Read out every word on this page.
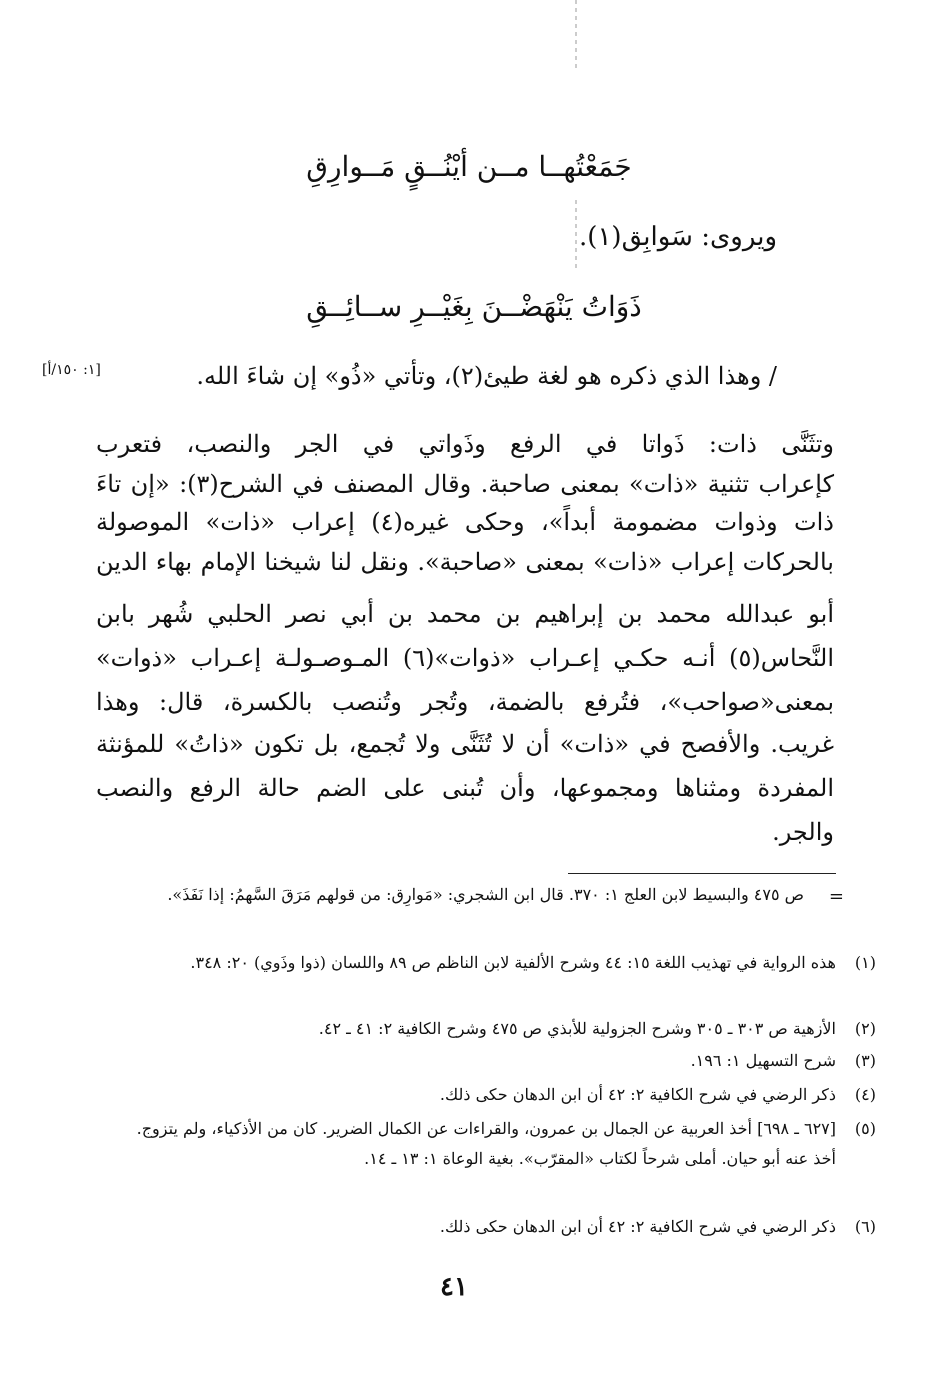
جَمَعْتُهــا مــن أيْنُــقٍ مَــوارِقِ
ويروى: سَوابِق(١).
ذَوَاتُ يَنْهَضْــنَ بِغَيْــرِ ســائِــقِ
[١: ١٥٠/أ]	/ وهذا الذي ذكره هو لغة طيئ(٢)، وتأتي «ذُو» إن شاءَ الله.
وتثَنَّى ذات: ذَواتا في الرفع وذَواتي في الجر والنصب، فتعرب
كإعراب تثنية «ذات» بمعنى صاحبة. وقال المصنف في الشرح(٣): «إن تاءَ
ذات وذوات مضمومة أبداً»، وحكى غيره(٤) إعراب «ذات» الموصولة
بالحركات إعراب «ذات» بمعنى «صاحبة». ونقل لنا شيخنا الإمام بهاء الدين
أبو عبدالله محمد بن إبراهيم بن محمد بن أبي نصر الحلبي شُهر بابن
النَّحاس(٥) أنـه حكـي إعـراب «ذوات»(٦) المـوصـولـة إعـراب «ذوات»
بمعنى«صواحب»، فتُرفع بالضمة، وتُجر وتُنصب بالكسرة، قال: وهذا
غريب. والأفصح في «ذات» أن لا تُثَنَّى ولا تُجمع، بل تكون «ذاتُ» للمؤنثة
المفردة ومثناها ومجموعها، وأن تُبنى على الضم حالة الرفع والنصب
والجر.
=
ص ٤٧٥ والبسيط لابن العلج ١: ٣٧٠. قال ابن الشجري: «مَوارِق: من قولهم مَرَقَ السَّهمُ: إذا نَفَذَ».
(١)
هذه الرواية في تهذيب اللغة ١٥: ٤٤ وشرح الألفية لابن الناظم ص ٨٩ واللسان (ذوا وذَوي) ٢٠: ٣٤٨.
(٢)
الأزهية ص ٣٠٣ ـ ٣٠٥ وشرح الجزولية للأبذي ص ٤٧٥ وشرح الكافية ٢: ٤١ ـ ٤٢.
(٣)
شرح التسهيل ١: ١٩٦.
(٤)
ذكر الرضي في شرح الكافية ٢: ٤٢ أن ابن الدهان حكى ذلك.
(٥)
[٦٢٧ ـ ٦٩٨] أخذ العربية عن الجمال بن عمرون، والقراءات عن الكمال الضرير. كان من الأذكياء، ولم يتزوج. أخذ عنه أبو حيان. أملى شرحاً لكتاب «المقرّب». بغية الوعاة ١: ١٣ ـ ١٤.
(٦)
ذكر الرضي في شرح الكافية ٢: ٤٢ أن ابن الدهان حكى ذلك.
٤١
